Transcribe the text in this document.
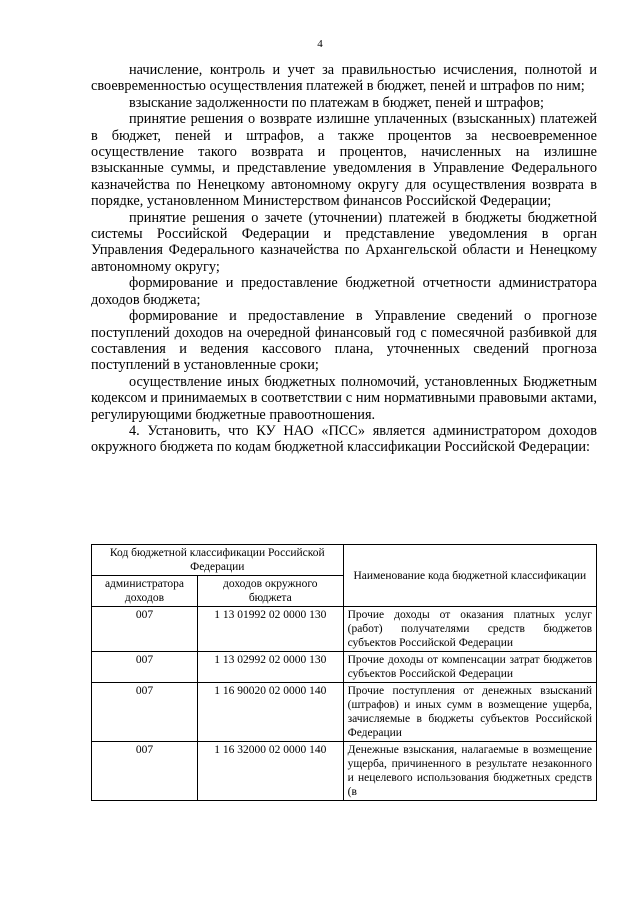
4

начисление, контроль и учет за правильностью исчисления, полнотой и своевременностью осуществления платежей в бюджет, пеней и штрафов по ним;

взыскание задолженности по платежам в бюджет, пеней и штрафов;

принятие решения о возврате излишне уплаченных (взысканных) платежей в бюджет, пеней и штрафов, а также процентов за несвоевременное осуществление такого возврата и процентов, начисленных на излишне взысканные суммы, и представление уведомления в Управление Федерального казначейства по Ненецкому автономному округу для осуществления возврата в порядке, установленном Министерством финансов Российской Федерации;

принятие решения о зачете (уточнении) платежей в бюджеты бюджетной системы Российской Федерации и представление уведомления в орган Управления Федерального казначейства по Архангельской области и Ненецкому автономному округу;

формирование и предоставление бюджетной отчетности администратора доходов бюджета;

формирование и предоставление в Управление сведений о прогнозе поступлений доходов на очередной финансовый год с помесячной разбивкой для составления и ведения кассового плана, уточненных сведений прогноза поступлений в установленные сроки;

осуществление иных бюджетных полномочий, установленных Бюджетным кодексом и принимаемых в соответствии с ним нормативными правовыми актами, регулирующими бюджетные правоотношения.

4. Установить, что КУ НАО «ПСС» является администратором доходов окружного бюджета по кодам бюджетной классификации Российской Федерации:

Код бюджетной классификации Российской Федерации		Наименование кода бюджетной классификации
администратора доходов	доходов окружного бюджета	
007	1 13 01992 02 0000 130	Прочие доходы от оказания платных услуг (работ) получателями средств бюджетов субъектов Российской Федерации
007	1 13 02992 02 0000 130	Прочие доходы от компенсации затрат бюджетов субъектов Российской Федерации
007	1 16 90020 02 0000 140	Прочие поступления от денежных взысканий (штрафов) и иных сумм в возмещение ущерба, зачисляемые в бюджеты субъектов Российской Федерации
007	1 16 32000 02 0000 140	Денежные взыскания, налагаемые в возмещение ущерба, причиненного в результате незаконного и нецелевого использования бюджетных средств (в
